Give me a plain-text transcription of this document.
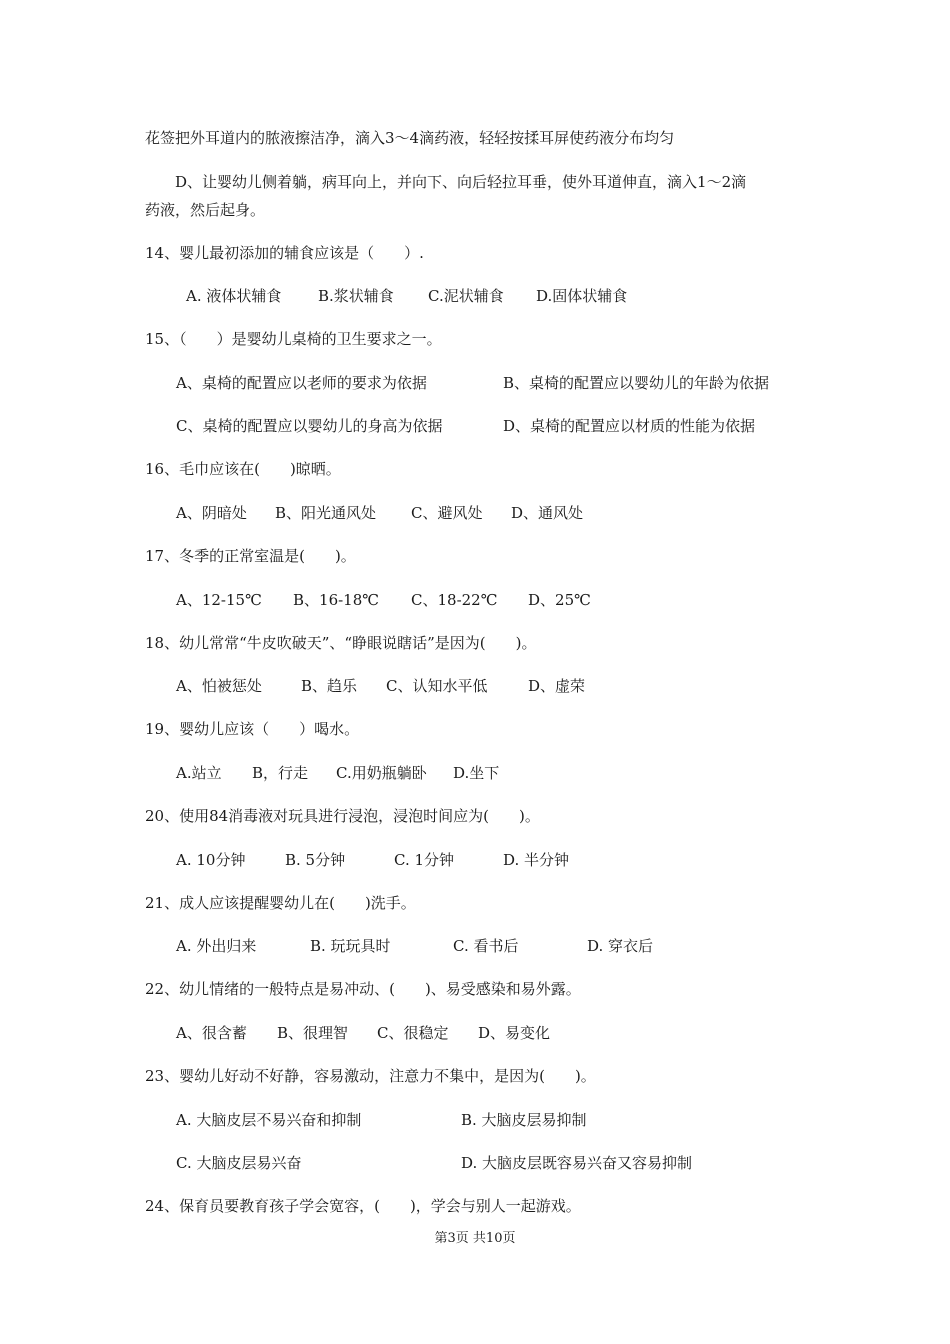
花签把外耳道内的脓液擦洁净，滴入3～4滴药液，轻轻按揉耳屏使药液分布均匀
D、让婴幼儿侧着躺，病耳向上，并向下、向后轻拉耳垂，使外耳道伸直，滴入1～2滴
药液，然后起身。
14、婴儿最初添加的辅食应该是（　　）.
A. 液体状辅食 B.浆状辅食 C.泥状辅食 D.固体状辅食
15、（　　）是婴幼儿桌椅的卫生要求之一。
A、桌椅的配置应以老师的要求为依据	B、桌椅的配置应以婴幼儿的年龄为依据
C、桌椅的配置应以婴幼儿的身高为依据	D、桌椅的配置应以材质的性能为依据
16、毛巾应该在(　　)晾晒。
A、阴暗处 B、阳光通风处 C、避风处 D、通风处
17、冬季的正常室温是(　　)。
A、12-15℃ B、16-18℃ C、18-22℃ D、25℃
18、幼儿常常“牛皮吹破天”、“睁眼说瞎话”是因为(　　)。
A、怕被惩处	B、趋乐 C、认知水平低	D、虚荣
19、婴幼儿应该（　　）喝水。
A.站立 B，行走 C.用奶瓶躺卧 D.坐下
20、使用84消毒液对玩具进行浸泡，浸泡时间应为(　　)。
A. 10分钟	B. 5分钟	C. 1分钟	D. 半分钟
21、成人应该提醒婴幼儿在(　　)洗手。
A. 外出归来	B. 玩玩具时	C. 看书后	D. 穿衣后
22、幼儿情绪的一般特点是易冲动、(　　)、易受感染和易外露。
A、很含蓄 B、很理智 C、很稳定 D、易变化
23、婴幼儿好动不好静，容易激动，注意力不集中，是因为(　　)。
A. 大脑皮层不易兴奋和抑制	B. 大脑皮层易抑制
C. 大脑皮层易兴奋	D. 大脑皮层既容易兴奋又容易抑制
24、保育员要教育孩子学会宽容，(　　)，学会与别人一起游戏。
第3页 共10页
